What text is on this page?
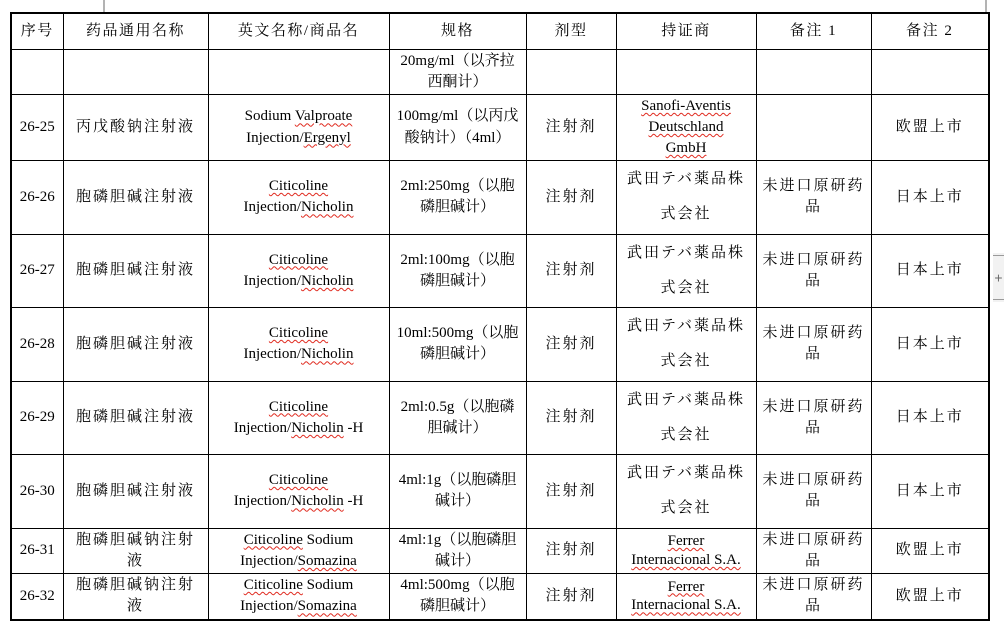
序号	药品通用名称	英文名称/商品名	规格	剂型	持证商	备注 1	备注 2
			20mg/ml（以齐拉
西酮计）				
26-25	丙戊酸钠注射液	Sodium Valproate
Injection/Ergenyl	100mg/ml（以丙戊
酸钠计）（4ml）	注射剂	Sanofi-Aventis
Deutschland
GmbH		欧盟上市
26-26	胞磷胆碱注射液	Citicoline
Injection/Nicholin	2ml:250mg（以胞
磷胆碱计）	注射剂	武田テバ薬品株
式会社	未进口原研药
品	日本上市
26-27	胞磷胆碱注射液	Citicoline
Injection/Nicholin	2ml:100mg（以胞
磷胆碱计）	注射剂	武田テバ薬品株
式会社	未进口原研药
品	日本上市
26-28	胞磷胆碱注射液	Citicoline
Injection/Nicholin	10ml:500mg（以胞
磷胆碱计）	注射剂	武田テバ薬品株
式会社	未进口原研药
品	日本上市
26-29	胞磷胆碱注射液	Citicoline
Injection/Nicholin -H	2ml:0.5g（以胞磷
胆碱计）	注射剂	武田テバ薬品株
式会社	未进口原研药
品	日本上市
26-30	胞磷胆碱注射液	Citicoline
Injection/Nicholin -H	4ml:1g（以胞磷胆
碱计）	注射剂	武田テバ薬品株
式会社	未进口原研药
品	日本上市
26-31	胞磷胆碱钠注射
液	Citicoline Sodium
Injection/Somazina	4ml:1g（以胞磷胆
碱计）	注射剂	Ferrer
Internacional S.A.	未进口原研药
品	欧盟上市
26-32	胞磷胆碱钠注射
液	Citicoline Sodium
Injection/Somazina	4ml:500mg（以胞
磷胆碱计）	注射剂	Ferrer
Internacional S.A.	未进口原研药
品	欧盟上市
+
